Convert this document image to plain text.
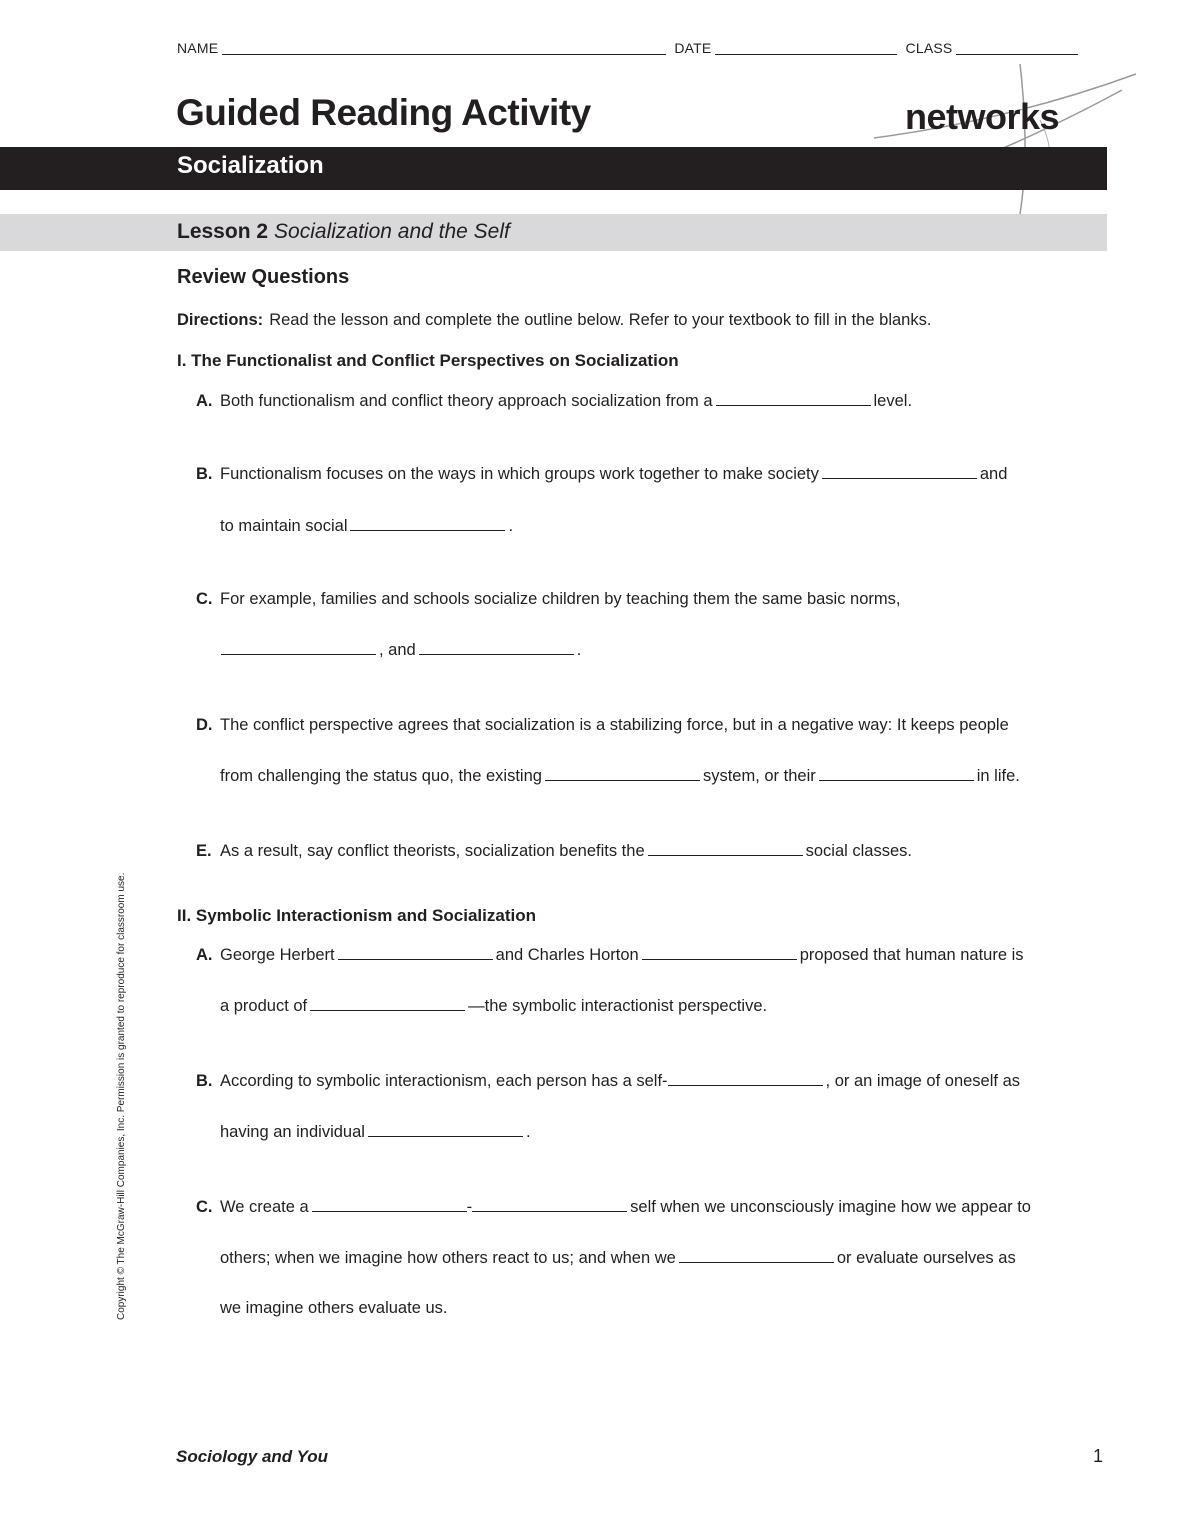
NAME	DATE	CLASS
Guided Reading Activity	networks
Socialization
Lesson 2 Socialization and the Self
Review Questions
Directions: Read the lesson and complete the outline below. Refer to your textbook to fill in the blanks.
I. The Functionalist and Conflict Perspectives on Socialization
A. Both functionalism and conflict theory approach socialization from a	level.
B. Functionalism focuses on the ways in which groups work together to make society	and
to maintain social	.
C. For example, families and schools socialize children by teaching them the same basic norms,
, and	.
D. The conflict perspective agrees that socialization is a stabilizing force, but in a negative way: It keeps people
from challenging the status quo, the existing	system, or their	in life.
E. As a result, say conflict theorists, socialization benefits the	social classes.
II. Symbolic Interactionism and Socialization
A. George Herbert	and Charles Horton	proposed that human nature is
a product of	—the symbolic interactionist perspective.
B. According to symbolic interactionism, each person has a self-	, or an image of oneself as
having an individual	.
C. We create a	-	self when we unconsciously imagine how we appear to
others; when we imagine how others react to us; and when we	or evaluate ourselves as
we imagine others evaluate us.
Copyright © The McGraw-Hill Companies, Inc. Permission is granted to reproduce for classroom use.
Sociology and You	1
